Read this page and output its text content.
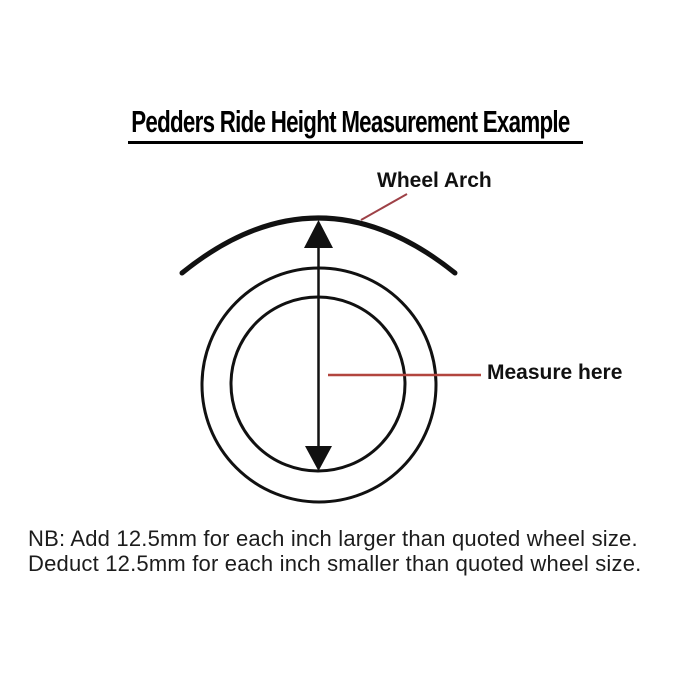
Pedders Ride Height Measurement Example
Wheel Arch
Measure here
NB: Add 12.5mm for each inch larger than quoted wheel size.
Deduct 12.5mm for each inch smaller than quoted wheel size.
